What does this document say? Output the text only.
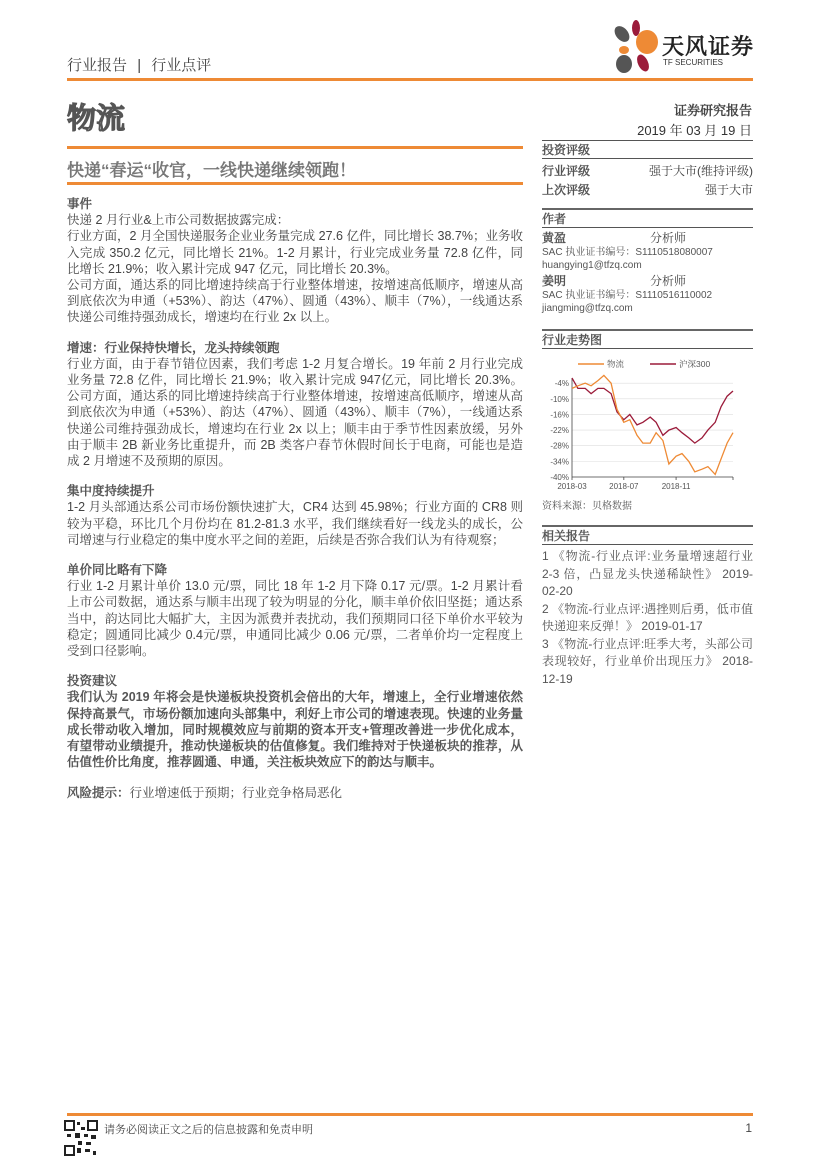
行业报告 | 行业点评
天风证券
TF SECURITIES
物流	证券研究报告
2019 年 03 月 19 日
快递“春运“收官，一线快递继续领跑！
投资评级
行业评级	强于大市(维持评级)
上次评级	强于大市
作者
黄盈	分析师
SAC 执业证书编号：S1110518080007
huangying1@tfzq.com
姜明	分析师
SAC 执业证书编号：S1110516110002
jiangming@tfzq.com
行业走势图
-4%
-10%
-16%
-22%
-28%
-34%
-40%
2018-03	2018-07	2018-11
物流	沪深300
资料来源：贝格数据
相关报告

1 《物流-行业点评:业务量增速超行业 2-3 倍，凸显龙头快递稀缺性》 2019-02-20

2 《物流-行业点评:遇挫则后勇，低市值快递迎来反弹！》 2019-01-17

3 《物流-行业点评:旺季大考，头部公司表现较好，行业单价出现压力》 2018-12-19

事件

快递 2 月行业&上市公司数据披露完成：

行业方面，2 月全国快递服务企业业务量完成 27.6 亿件，同比增长 38.7%；业务收入完成 350.2 亿元，同比增长 21%。1-2 月累计，行业完成业务量 72.8 亿件，同比增长 21.9%；收入累计完成 947 亿元，同比增长 20.3%。

公司方面，通达系的同比增速持续高于行业整体增速，按增速高低顺序，增速从高到底依次为申通（+53%）、韵达（47%）、圆通（43%）、顺丰（7%），一线通达系快递公司维持强劲成长，增速均在行业 2x 以上。

增速：行业保持快增长，龙头持续领跑

行业方面，由于春节错位因素，我们考虑 1-2 月复合增长。19 年前 2 月行业完成业务量 72.8 亿件，同比增长 21.9%；收入累计完成 947亿元，同比增长 20.3%。公司方面，通达系的同比增速持续高于行业整体增速，按增速高低顺序，增速从高到底依次为申通（+53%）、韵达（47%）、圆通（43%）、顺丰（7%），一线通达系快递公司维持强劲成长，增速均在行业 2x 以上；顺丰由于季节性因素放缓，另外由于顺丰 2B 新业务比重提升，而 2B 类客户春节休假时间长于电商，可能也是造成 2 月增速不及预期的原因。

集中度持续提升

1-2 月头部通达系公司市场份额快速扩大，CR4 达到 45.98%；行业方面的 CR8 则较为平稳，环比几个月份均在 81.2-81.3 水平，我们继续看好一线龙头的成长，公司增速与行业稳定的集中度水平之间的差距，后续是否弥合我们认为有待观察；

单价同比略有下降

行业 1-2 月累计单价 13.0 元/票，同比 18 年 1-2 月下降 0.17 元/票。1-2 月累计看上市公司数据，通达系与顺丰出现了较为明显的分化，顺丰单价依旧坚挺；通达系当中，韵达同比大幅扩大，主因为派费并表扰动，我们预期同口径下单价水平较为稳定；圆通同比减少 0.4元/票，申通同比减少 0.06 元/票，二者单价均一定程度上受到口径影响。

投资建议

我们认为 2019 年将会是快递板块投资机会倍出的大年，增速上，全行业增速依然保持高景气，市场份额加速向头部集中，利好上市公司的增速表现。快速的业务量成长带动收入增加，同时规模效应与前期的资本开支+管理改善进一步优化成本，有望带动业绩提升，推动快递板块的估值修复。我们维持对于快递板块的推荐，从估值性价比角度，推荐圆通、申通，关注板块效应下的韵达与顺丰。

风险提示：行业增速低于预期；行业竞争格局恶化

请务必阅读正文之后的信息披露和免责申明	1
